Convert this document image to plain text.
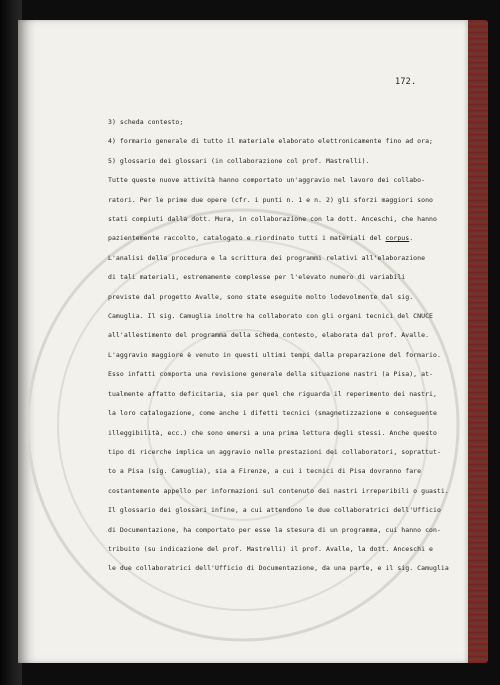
172.
3) scheda contesto;
4) formario generale di tutto il materiale elaborato elettronicamente fino ad ora;
5) glossario dei glossari (in collaborazione col prof. Mastrelli).
Tutte queste nuove attività hanno comportato un'aggravio nel lavoro dei collabo-
ratori. Per le prime due opere (cfr. i punti n. 1 e n. 2) gli sforzi maggiori sono
stati compiuti dalla dott. Mura, in collaborazione con la dott. Anceschi, che hanno
pazientemente raccolto, catalogato e riordinato tutti i materiali del corpus.
L'analisi della procedura e la scrittura dei programmi relativi all'elaborazione
di tali materiali, estremamente complesse per l'elevato numero di variabili
previste dal progetto Avalle, sono state eseguite molto lodevolmente dal sig.
Camuglia. Il sig. Camuglia inoltre ha collaborato con gli organi tecnici del CNUCE
all'allestimento del programma della scheda contesto, elaborata dal prof. Avalle.
L'aggravio maggiore è venuto in questi ultimi tempi dalla preparazione del formario.
Esso infatti comporta una revisione generale della situazione nastri (a Pisa), at-
tualmente affatto deficitaria, sia per quel che riguarda il reperimento dei nastri,
la loro catalogazione, come anche i difetti tecnici (smagnetizzazione e conseguente
illeggibilità, ecc.) che sono emersi a una prima lettura degli stessi. Anche questo
tipo di ricerche implica un aggravio nelle prestazioni dei collaboratori, soprattut-
to a Pisa (sig. Camuglia), sia a Firenze, a cui i tecnici di Pisa dovranno fare
costantemente appello per informazioni sul contenuto dei nastri irreperibili o guasti.
Il glossario dei glossari infine, a cui attendono le due collaboratrici dell'Ufficio
di Documentazione, ha comportato per esse la stesura di un programma, cui hanno con-
tribuito (su indicazione del prof. Mastrelli) il prof. Avalle, la dott. Anceschi e
le due collaboratrici dell'Ufficio di Documentazione, da una parte, e il sig. Camuglia
